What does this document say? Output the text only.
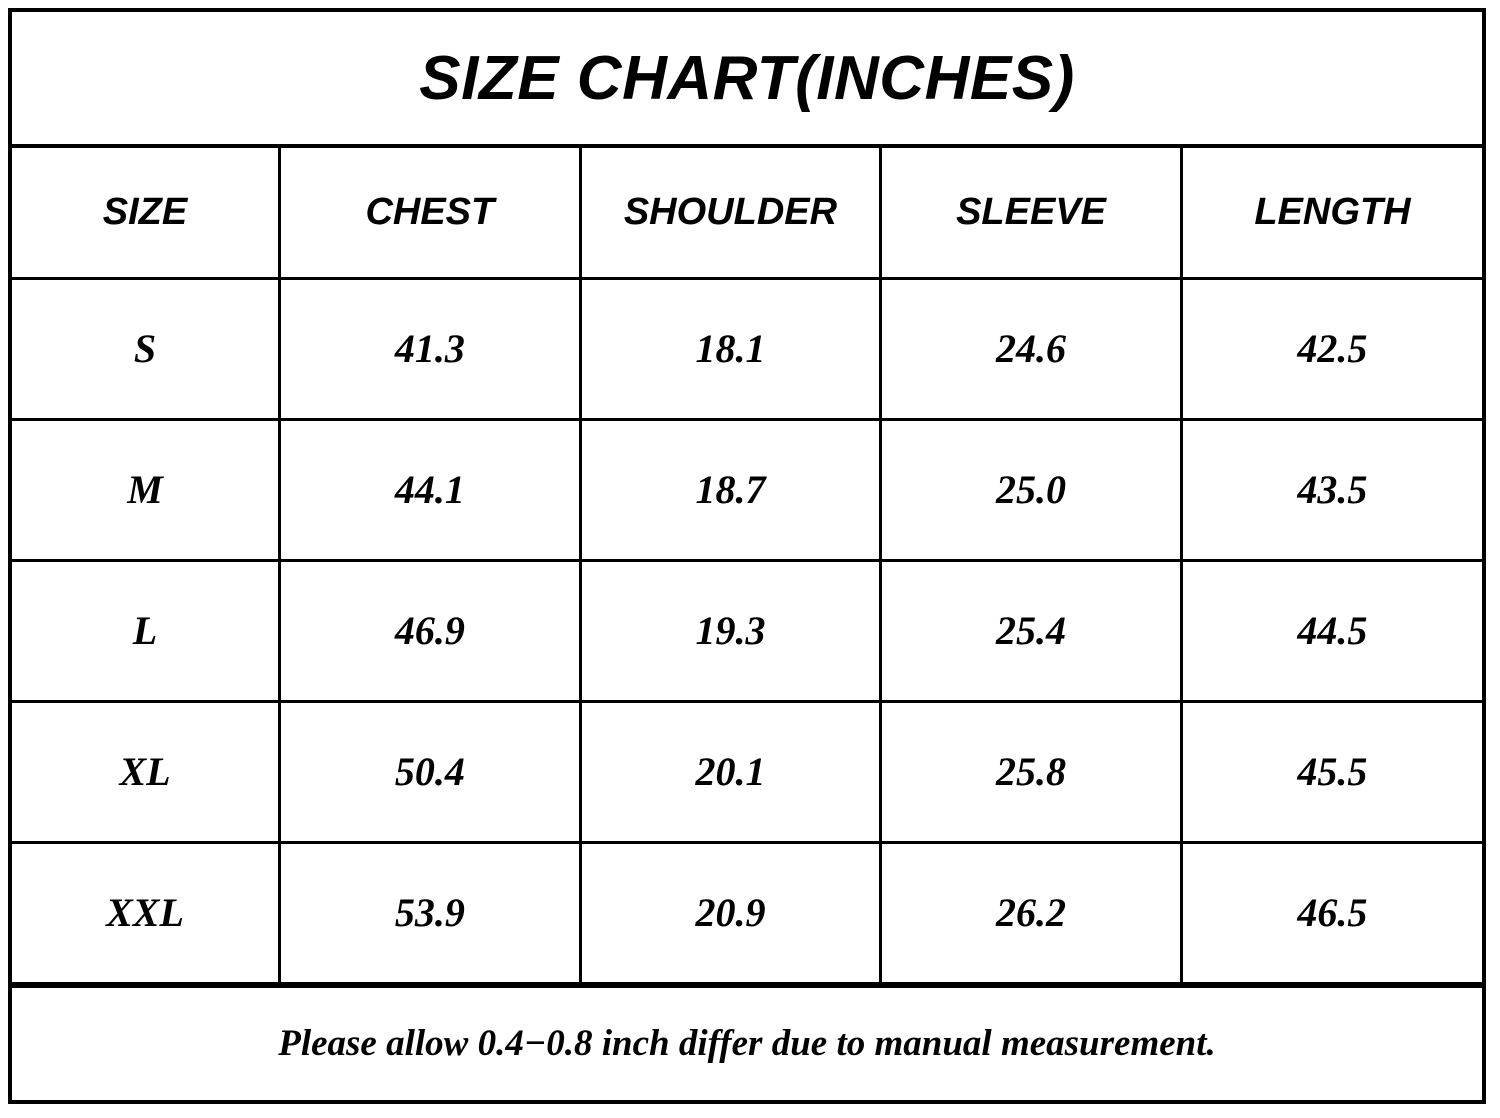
SIZE CHART(INCHES)
SIZE	CHEST	SHOULDER	SLEEVE	LENGTH
S	41.3	18.1	24.6	42.5
M	44.1	18.7	25.0	43.5
L	46.9	19.3	25.4	44.5
XL	50.4	20.1	25.8	45.5
XXL	53.9	20.9	26.2	46.5
Please allow 0.4−0.8 inch differ due to manual measurement.
